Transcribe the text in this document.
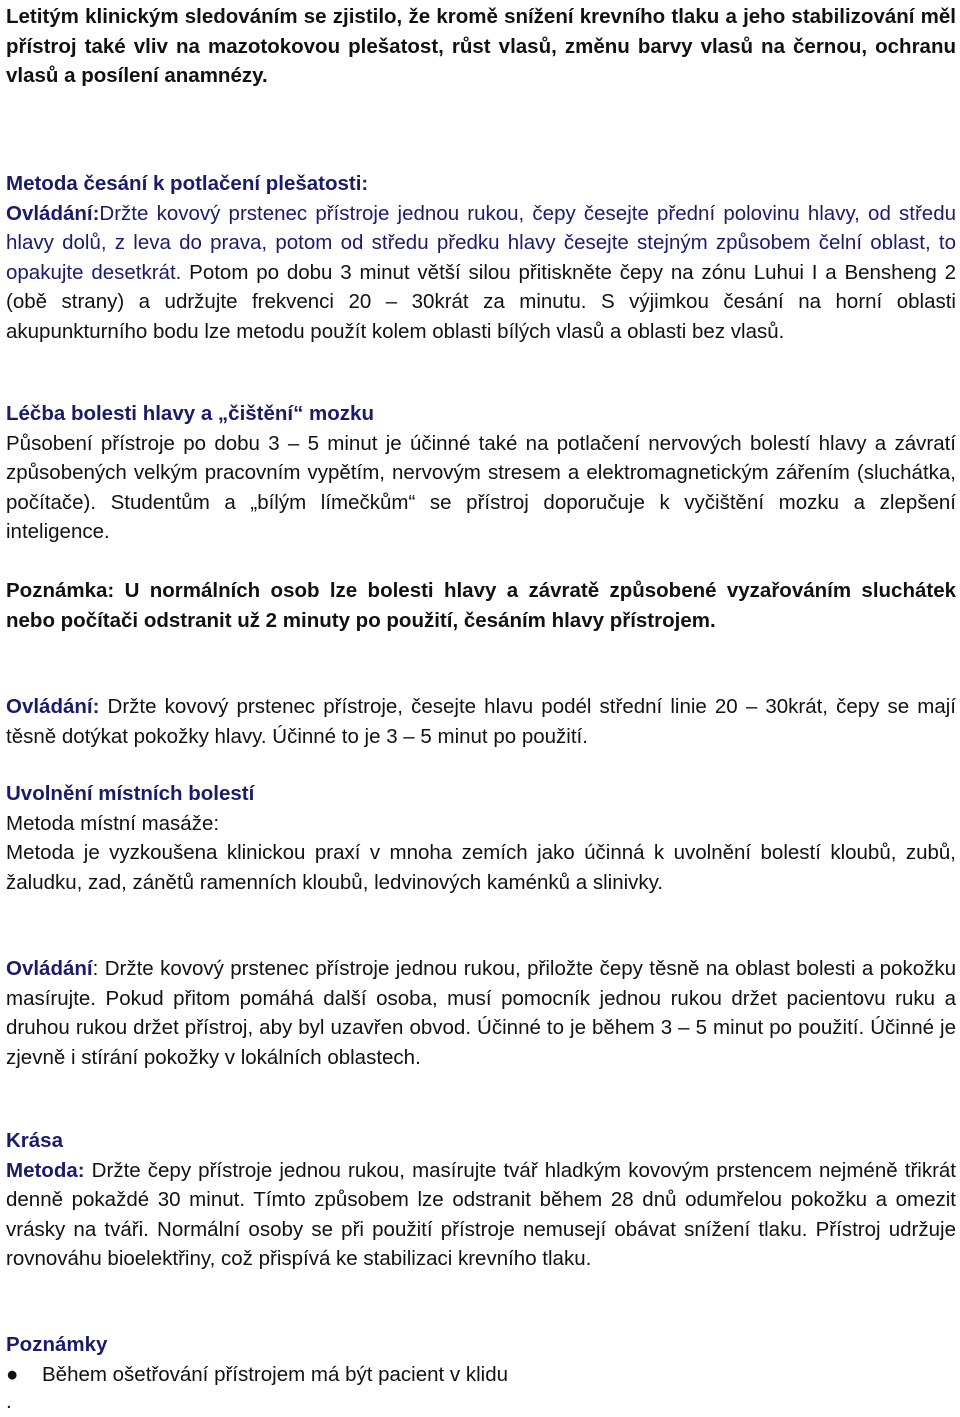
Letitým klinickým sledováním se zjistilo, že kromě snížení krevního tlaku a jeho stabilizování měl přístroj také vliv na mazotokovou plešatost, růst vlasů, změnu barvy vlasů na černou, ochranu vlasů a posílení anamnézy.
Metoda česání k potlačení plešatosti:
Ovládání:Držte kovový prstenec přístroje jednou rukou, čepy česejte přední polovinu hlavy, od středu hlavy dolů, z leva do prava, potom od středu předku hlavy česejte stejným způsobem čelní oblast, to opakujte desetkrát. Potom po dobu 3 minut větší silou přitiskněte čepy na zónu Luhui I a Bensheng 2 (obě strany) a udržujte frekvenci 20 – 30krát za minutu. S výjimkou česání na horní oblasti akupunkturního bodu lze metodu použít kolem oblasti bílých vlasů a oblasti bez vlasů.
Léčba bolesti hlavy a „čištění“ mozku
Působení přístroje po dobu 3 – 5 minut je účinné také na potlačení nervových bolestí hlavy a závratí způsobených velkým pracovním vypětím, nervovým stresem a elektromagnetickým zářením (sluchátka, počítače). Studentům a „bílým límečkům“ se přístroj doporučuje k vyčištění mozku a zlepšení inteligence.
Poznámka: U normálních osob lze bolesti hlavy a závratě způsobené vyzařováním sluchátek nebo počítači odstranit už 2 minuty po použití, česáním hlavy přístrojem.
Ovládání: Držte kovový prstenec přístroje, česejte hlavu podél střední linie 20 – 30krát, čepy se mají těsně dotýkat pokožky hlavy. Účinné to je 3 – 5 minut po použití.
Uvolnění místních bolestí
Metoda místní masáže:
Metoda je vyzkoušena klinickou praxí v mnoha zemích jako účinná k uvolnění bolestí kloubů, zubů, žaludku, zad, zánětů ramenních kloubů, ledvinových kaménků a slinivky.
Ovládání: Držte kovový prstenec přístroje jednou rukou, přiložte čepy těsně na oblast bolesti a pokožku masírujte. Pokud přitom pomáhá další osoba, musí pomocník jednou rukou držet pacientovu ruku a druhou rukou držet přístroj, aby byl uzavřen obvod. Účinné to je během 3 – 5 minut po použití. Účinné je zjevně i stírání pokožky v lokálních oblastech.
Krása
Metoda: Držte čepy přístroje jednou rukou, masírujte tvář hladkým kovovým prstencem nejméně třikrát denně pokaždé 30 minut. Tímto způsobem lze odstranit během 28 dnů odumřelou pokožku a omezit vrásky na tváři. Normální osoby se při použití přístroje nemusejí obávat snížení tlaku. Přístroj udržuje rovnováhu bioelektřiny, což přispívá ke stabilizaci krevního tlaku.
Poznámky
●	Během ošetřování přístrojem má být pacient v klidu
.
